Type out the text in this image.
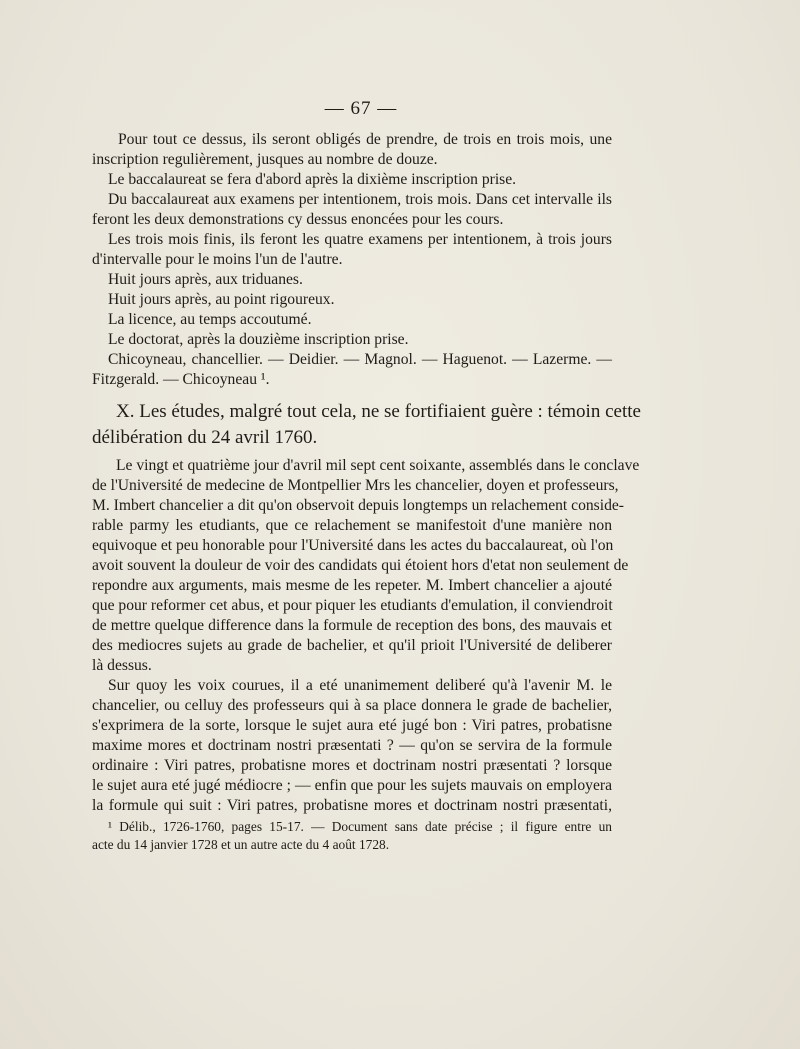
— 67 —
Pour tout ce dessus, ils seront obligés de prendre, de trois en trois mois, une
inscription regulièrement, jusques au nombre de douze.
Le baccalaureat se fera d'abord après la dixième inscription prise.
Du baccalaureat aux examens per intentionem, trois mois. Dans cet intervalle ils
feront les deux demonstrations cy dessus enoncées pour les cours.
Les trois mois finis, ils feront les quatre examens per intentionem, à trois jours
d'intervalle pour le moins l'un de l'autre.
Huit jours après, aux triduanes.
Huit jours après, au point rigoureux.
La licence, au temps accoutumé.
Le doctorat, après la douzième inscription prise.
Chicoyneau, chancellier. — Deidier. — Magnol. — Haguenot. — Lazerme. —
Fitzgerald. — Chicoyneau ¹.
X. Les études, malgré tout cela, ne se fortifiaient guère : témoin cette
délibération du 24 avril 1760.
Le vingt et quatrième jour d'avril mil sept cent soixante, assemblés dans le conclave
de l'Université de medecine de Montpellier Mrs les chancelier, doyen et professeurs,
M. Imbert chancelier a dit qu'on observoit depuis longtemps un relachement conside-
rable parmy les etudiants, que ce relachement se manifestoit d'une manière non
equivoque et peu honorable pour l'Université dans les actes du baccalaureat, où l'on
avoit souvent la douleur de voir des candidats qui étoient hors d'etat non seulement de
repondre aux arguments, mais mesme de les repeter. M. Imbert chancelier a ajouté
que pour reformer cet abus, et pour piquer les etudiants d'emulation, il conviendroit
de mettre quelque difference dans la formule de reception des bons, des mauvais et
des mediocres sujets au grade de bachelier, et qu'il prioit l'Université de deliberer
là dessus.
Sur quoy les voix courues, il a eté unanimement deliberé qu'à l'avenir M. le
chancelier, ou celluy des professeurs qui à sa place donnera le grade de bachelier,
s'exprimera de la sorte, lorsque le sujet aura eté jugé bon : Viri patres, probatisne
maxime mores et doctrinam nostri præsentati ? — qu'on se servira de la formule
ordinaire : Viri patres, probatisne mores et doctrinam nostri præsentati ? lorsque
le sujet aura eté jugé médiocre ; — enfin que pour les sujets mauvais on employera
la formule qui suit : Viri patres, probatisne mores et doctrinam nostri præsentati,
¹ Délib., 1726-1760, pages 15-17. — Document sans date précise ; il figure entre un
acte du 14 janvier 1728 et un autre acte du 4 août 1728.
